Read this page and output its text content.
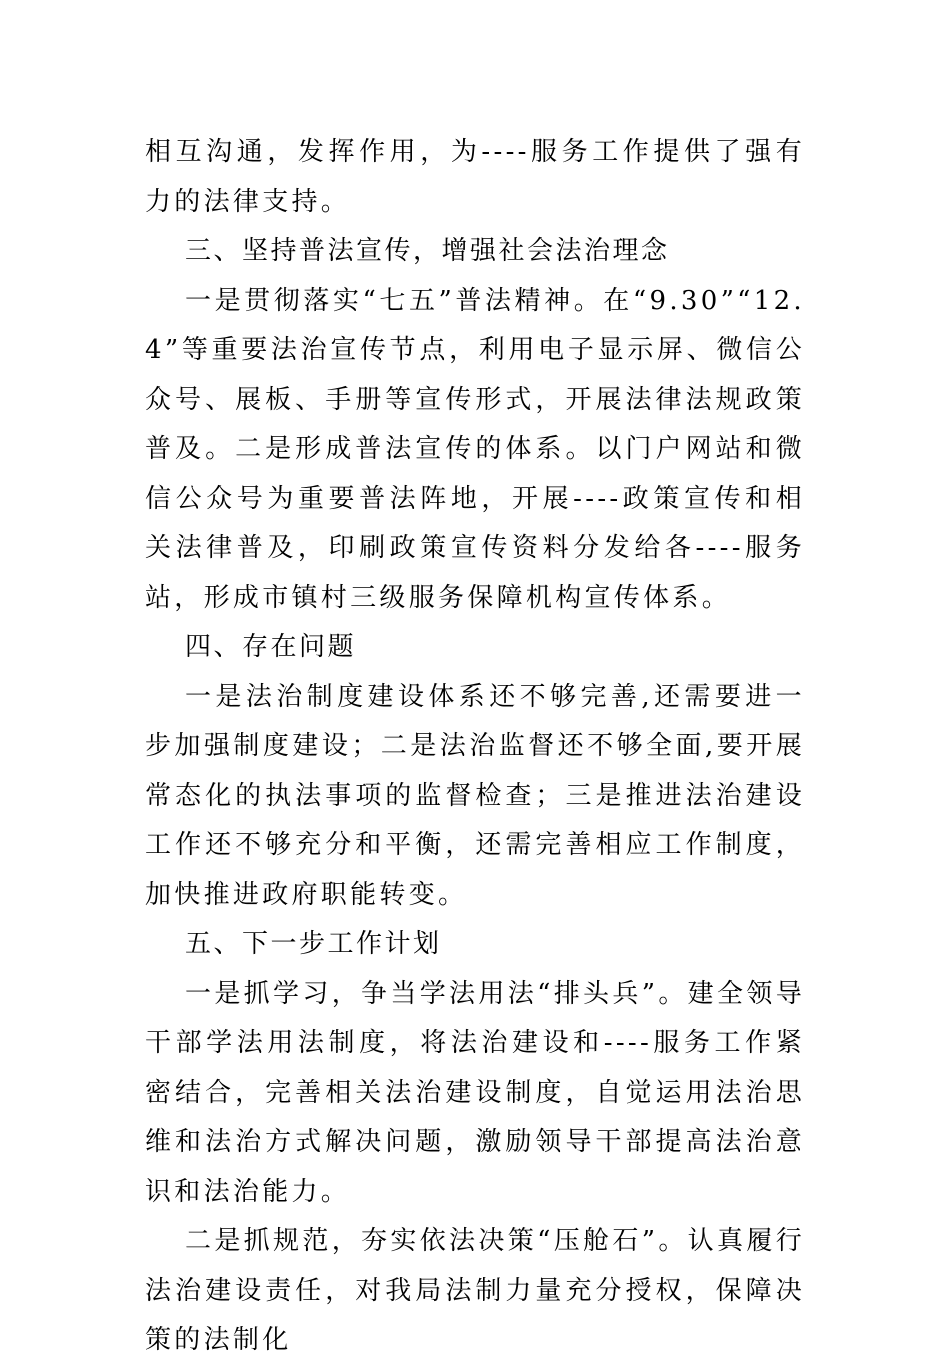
相互沟通，发挥作用，为----服务工作提供了强有力的法律支持。

三、坚持普法宣传，增强社会法治理念

一是贯彻落实“七五”普法精神。在“9.30”“12.4”等重要法治宣传节点，利用电子显示屏、微信公众号、展板、手册等宣传形式，开展法律法规政策普及。二是形成普法宣传的体系。以门户网站和微信公众号为重要普法阵地，开展----政策宣传和相关法律普及，印刷政策宣传资料分发给各----服务站，形成市镇村三级服务保障机构宣传体系。

四、存在问题

一是法治制度建设体系还不够完善,还需要进一步加强制度建设；二是法治监督还不够全面,要开展常态化的执法事项的监督检查；三是推进法治建设工作还不够充分和平衡，还需完善相应工作制度，加快推进政府职能转变。

五、下一步工作计划

一是抓学习，争当学法用法“排头兵”。建全领导干部学法用法制度，将法治建设和----服务工作紧密结合，完善相关法治建设制度，自觉运用法治思维和法治方式解决问题，激励领导干部提高法治意识和法治能力。

二是抓规范，夯实依法决策“压舱石”。认真履行法治建设责任，对我局法制力量充分授权，保障决策的法制化
